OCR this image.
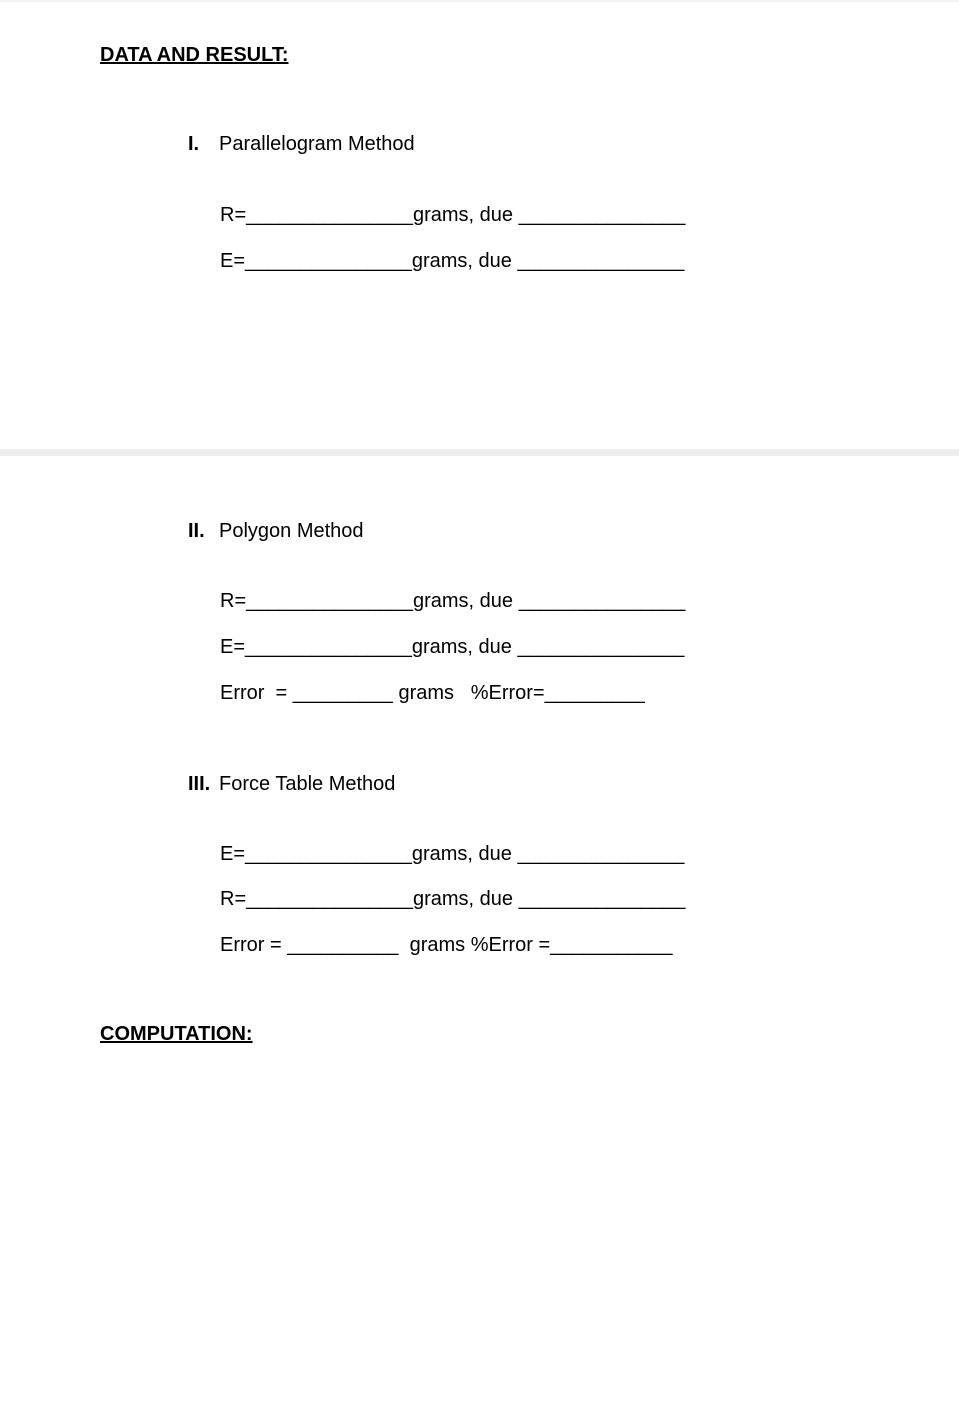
DATA AND RESULT:
I. Parallelogram Method
R=_______________grams, due _______________
E=_______________grams, due _______________
II. Polygon Method
R=_______________grams, due _______________
E=_______________grams, due _______________
Error  = _________ grams   %Error=_________
III. Force Table Method
E=_______________grams, due _______________
R=_______________grams, due _______________
Error = __________  grams %Error =___________
COMPUTATION:
